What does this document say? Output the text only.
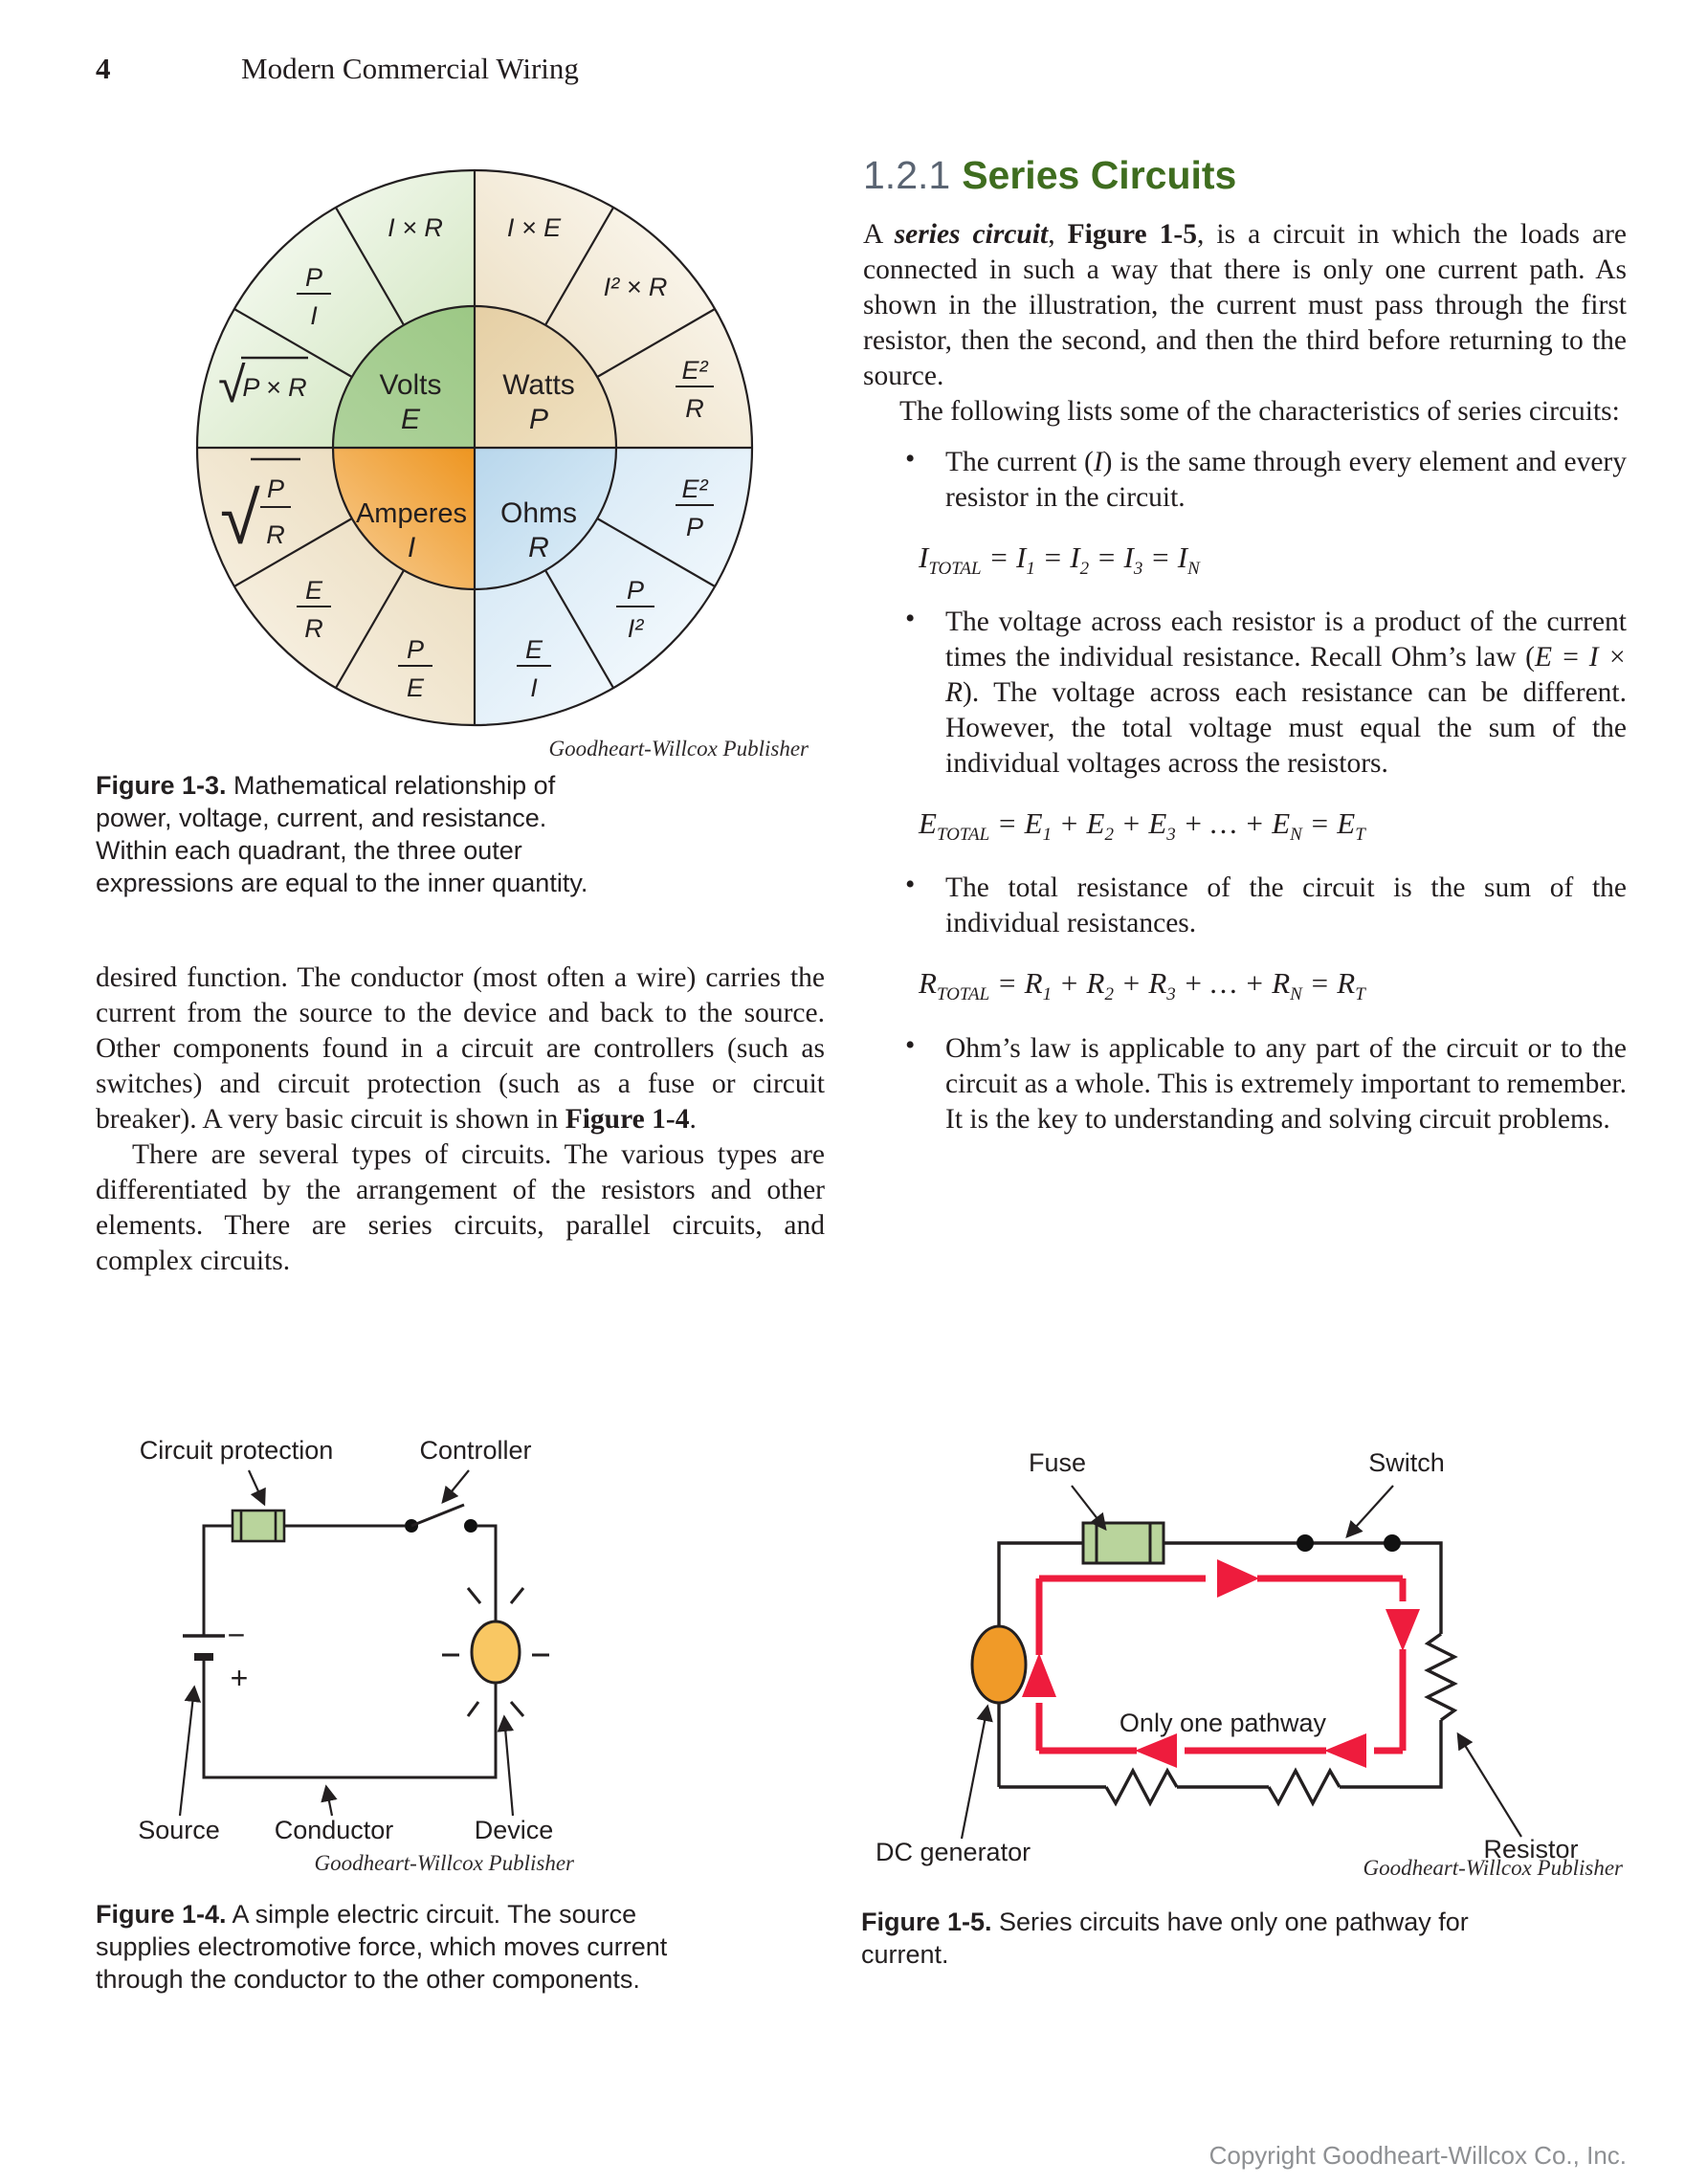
4	Modern Commercial Wiring
Volts
E
Watts
P
Amperes
I
Ohms
R
I × E
I × R
I² × R
P
I
E²
R
E²
P
P
I²
E
I
P
E
E
R
√
P × R
√ P
R
Goodheart-Willcox Publisher
Figure 1-3. Mathematical relationship of power, voltage, current, and resistance. Within each quadrant, the three outer expressions are equal to the inner quantity.

desired function. The conductor (most often a wire) carries the current from the source to the device and back to the source. Other components found in a circuit are controllers (such as switches) and circuit protection (such as a fuse or circuit breaker). A very basic circuit is shown in Figure 1-4.

There are several types of circuits. The various types are differentiated by the arrangement of the resistors and other elements. There are series circuits, parallel circuits, and complex circuits.

1.2.1 Series Circuits

A series circuit, Figure 1-5, is a circuit in which the loads are connected in such a way that there is only one current path. As shown in the illustration, the current must pass through the first resistor, then the second, and then the third before returning to the source.

The following lists some of the characteristics of series circuits:

• The current (I) is the same through every element and every resistor in the circuit.
$I_{TOTAL} = I_1 = I_2 = I_3 = I_N$
• The voltage across each resistor is a product of the current times the individual resistance. Recall Ohm’s law (E = I × R). The voltage across each resistance can be different. However, the total voltage must equal the sum of the individual voltages across the resistors.
$E_{TOTAL} = E_1 + E_2 + E_3$ + … + $E_N = E_T$
• The total resistance of the circuit is the sum of the individual resistances.
$R_{TOTAL} = R_1 + R_2 + R_3$ + … + $R_N = R_T$
• Ohm’s law is applicable to any part of the circuit or to the circuit as a whole. This is extremely important to remember. It is the key to understanding and solving circuit problems.
−
+
Circuit protection	Controller
Source Conductor	Device
Goodheart-Willcox Publisher
Figure 1-4. A simple electric circuit. The source supplies electromotive force, which moves current through the conductor to the other components.
Only one pathway
Fuse	Switch
DC generator	Resistor
Goodheart-Willcox Publisher
Figure 1-5. Series circuits have only one pathway for current.
Copyright Goodheart-Willcox Co., Inc.
